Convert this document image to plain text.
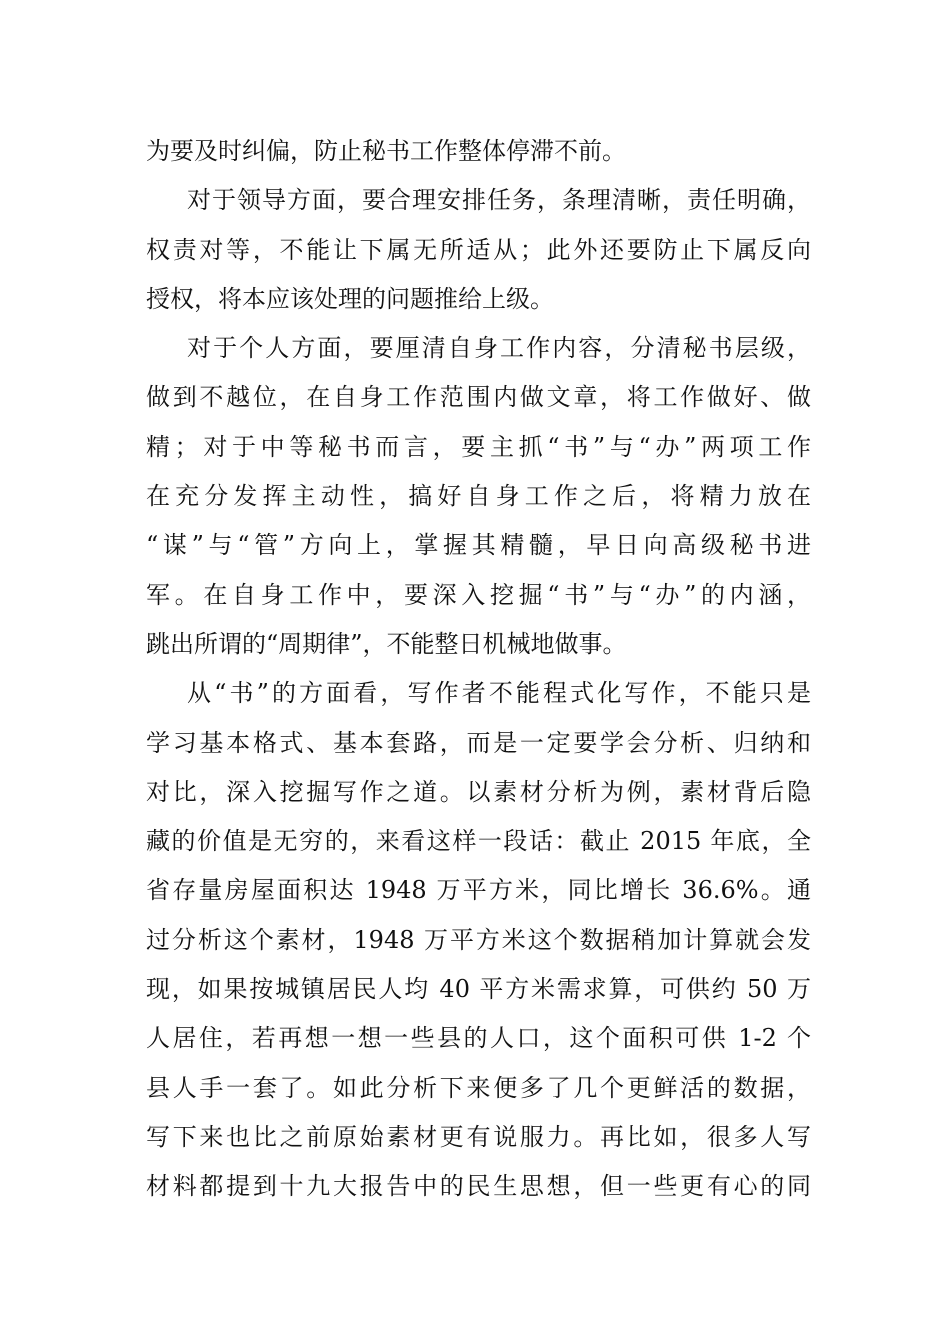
为要及时纠偏，防止秘书工作整体停滞不前。
对于领导方面，要合理安排任务，条理清晰，责任明确，
权责对等，不能让下属无所适从；此外还要防止下属反向
授权，将本应该处理的问题推给上级。
对于个人方面，要厘清自身工作内容，分清秘书层级，
做到不越位，在自身工作范围内做文章，将工作做好、做
精；对于中等秘书而言，要主抓“书”与“办”两项工作
在充分发挥主动性，搞好自身工作之后，将精力放在
“谋”与“管”方向上，掌握其精髓，早日向高级秘书进
军。在自身工作中，要深入挖掘“书”与“办”的内涵，
跳出所谓的“周期律”，不能整日机械地做事。
从“书”的方面看，写作者不能程式化写作，不能只是
学习基本格式、基本套路，而是一定要学会分析、归纳和
对比，深入挖掘写作之道。以素材分析为例，素材背后隐
藏的价值是无穷的，来看这样一段话：截止 2015 年底，全
省存量房屋面积达 1948 万平方米，同比增长 36.6%。通
过分析这个素材，1948 万平方米这个数据稍加计算就会发
现，如果按城镇居民人均 40 平方米需求算，可供约 50 万
人居住，若再想一想一些县的人口，这个面积可供 1-2 个
县人手一套了。如此分析下来便多了几个更鲜活的数据，
写下来也比之前原始素材更有说服力。再比如，很多人写
材料都提到十九大报告中的民生思想，但一些更有心的同
